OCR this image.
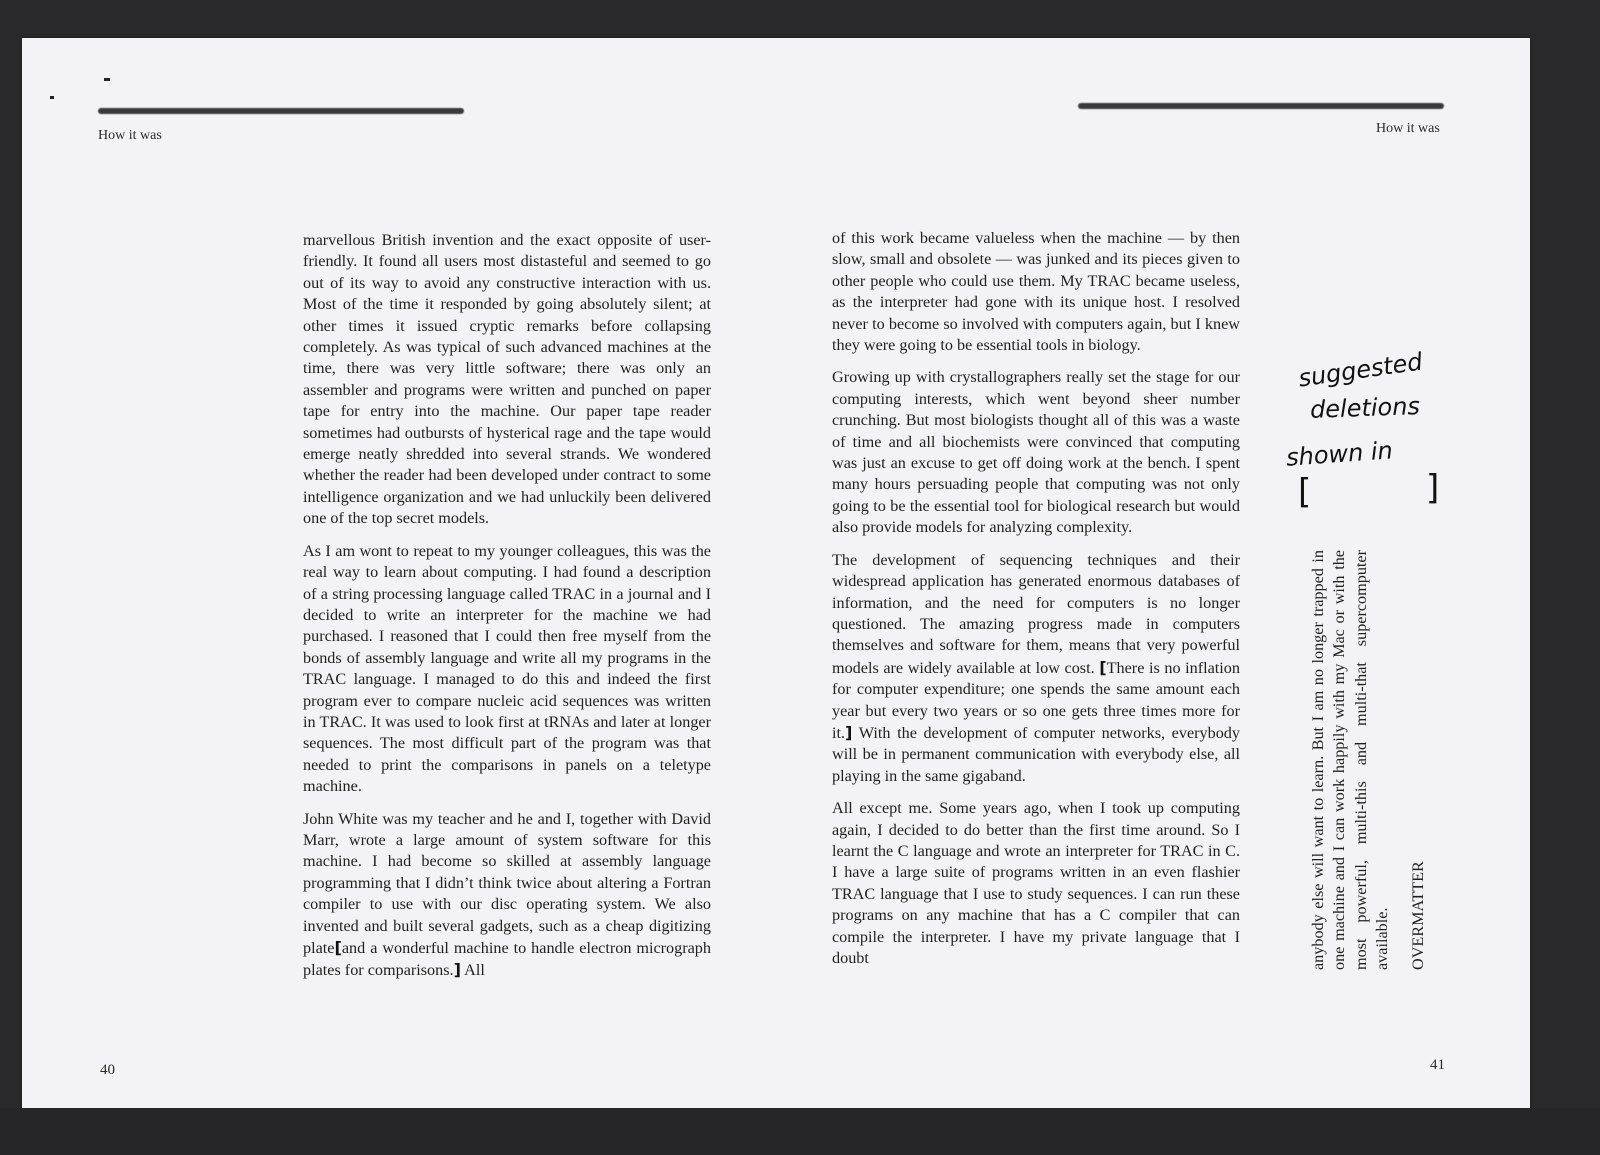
How it was	How it was

marvellous British invention and the exact opposite of user-friendly. It found all users most distasteful and seemed to go out of its way to avoid any constructive interaction with us. Most of the time it responded by going absolutely silent; at other times it issued cryptic remarks before collapsing completely. As was typical of such advanced machines at the time, there was very little software; there was only an assembler and programs were written and punched on paper tape for entry into the machine. Our paper tape reader sometimes had outbursts of hysterical rage and the tape would emerge neatly shredded into several strands. We wondered whether the reader had been developed under contract to some intelligence organization and we had unluckily been delivered one of the top secret models.

As I am wont to repeat to my younger colleagues, this was the real way to learn about computing. I had found a description of a string processing language called TRAC in a journal and I decided to write an interpreter for the machine we had purchased. I reasoned that I could then free myself from the bonds of assembly language and write all my programs in the TRAC language. I managed to do this and indeed the first program ever to compare nucleic acid sequences was written in TRAC. It was used to look first at tRNAs and later at longer sequences. The most difficult part of the program was that needed to print the comparisons in panels on a teletype machine.

John White was my teacher and he and I, together with David Marr, wrote a large amount of system software for this machine. I had become so skilled at assembly language programming that I didn’t think twice about altering a Fortran compiler to use with our disc operating system. We also invented and built several gadgets, such as a cheap digitizing plate[and a wonderful machine to handle electron micrograph plates for comparisons.] All

of this work became valueless when the machine — by then slow, small and obsolete — was junked and its pieces given to other people who could use them. My TRAC became useless, as the interpreter had gone with its unique host. I resolved never to become so involved with computers again, but I knew they were going to be essential tools in biology.

Growing up with crystallographers really set the stage for our computing interests, which went beyond sheer number crunching. But most biologists thought all of this was a waste of time and all biochemists were convinced that computing was just an excuse to get off doing work at the bench. I spent many hours persuading people that computing was not only going to be the essential tool for biological research but would also provide models for analyzing complexity.

The development of sequencing techniques and their widespread application has generated enormous databases of information, and the need for computers is no longer questioned. The amazing progress made in computers themselves and software for them, means that very powerful models are widely available at low cost. [There is no inflation for computer expenditure; one spends the same amount each year but every two years or so one gets three times more for it.] With the development of computer networks, everybody will be in permanent communication with everybody else, all playing in the same gigaband.

All except me. Some years ago, when I took up computing again, I decided to do better than the first time around. So I learnt the C language and wrote an interpreter for TRAC in C. I have a large suite of programs written in an even flashier TRAC language that I use to study sequences. I can run these programs on any machine that has a C compiler that can compile the interpreter. I have my private language that I doubt

suggested
deletions
shown in
[	]

anybody else will want to learn. But I am no longer trapped in one machine and I can work happily with my Mac or with the most powerful, multi-this and multi-that supercomputer available. OVERMATTER

40	41
